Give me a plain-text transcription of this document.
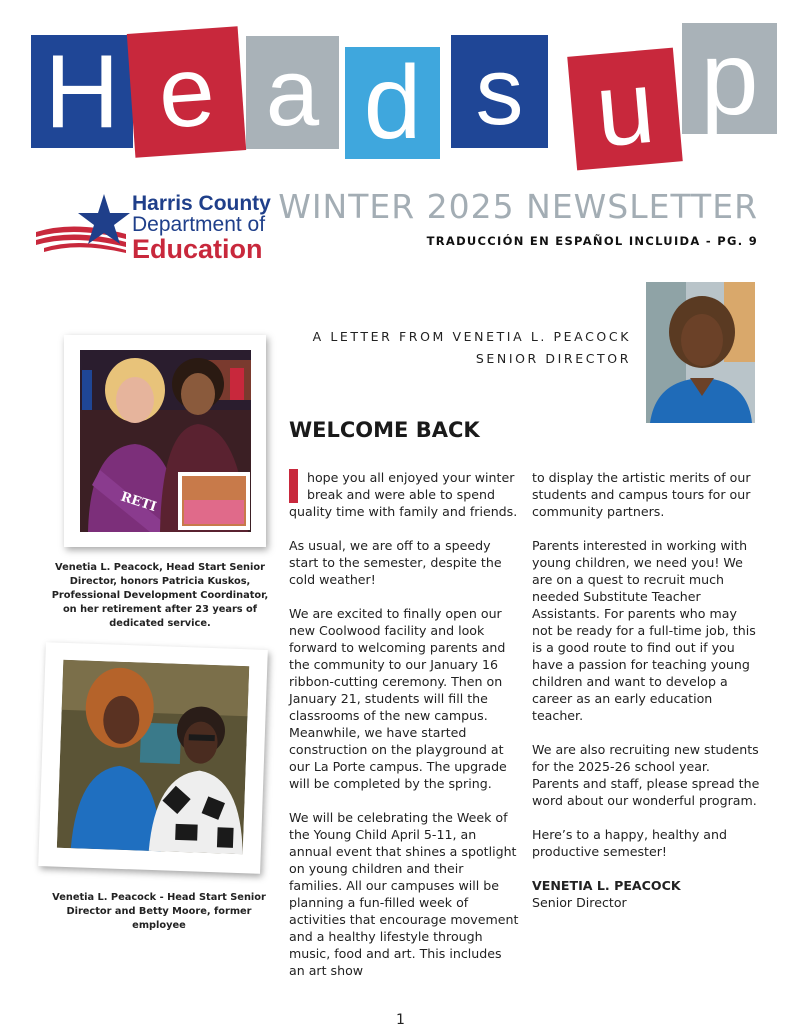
H e a d s u p
Harris County
Department of
Education
WINTER 2025 NEWSLETTER
TRADUCCIÓN EN ESPAÑOL INCLUIDA - PG. 9
A LETTER FROM VENETIA L. PEACOCK
SENIOR DIRECTOR
WELCOME BACK

hope you all enjoyed your winter break and were able to spend quality time with family and friends.

As usual, we are off to a speedy start to the semester, despite the cold weather!

We are excited to finally open our new Coolwood facility and look forward to welcoming parents and the community to our January 16 ribbon-cutting ceremony. Then on January 21, students will fill the classrooms of the new campus. Meanwhile, we have started construction on the playground at our La Porte campus. The upgrade will be completed by the spring.

We will be celebrating the Week of the Young Child April 5-11, an annual event that shines a spotlight on young children and their families. All our campuses will be planning a fun-filled week of activities that encourage movement and a healthy lifestyle through music, food and art. This includes an art show

to display the artistic merits of our students and campus tours for our community partners.

Parents interested in working with young children, we need you! We are on a quest to recruit much needed Substitute Teacher Assistants. For parents who may not be ready for a full-time job, this is a good route to find out if you have a passion for teaching young children and want to develop a career as an early education teacher.

We are also recruiting new students for the 2025-26 school year. Parents and staff, please spread the word about our wonderful program.

Here’s to a happy, healthy and productive semester!

VENETIA L. PEACOCK
Senior Director
RETI
Venetia L. Peacock, Head Start Senior Director, honors Patricia Kuskos, Professional Development Coordinator, on her retirement after 23 years of dedicated service.
Venetia L. Peacock - Head Start Senior Director and Betty Moore, former employee
1
